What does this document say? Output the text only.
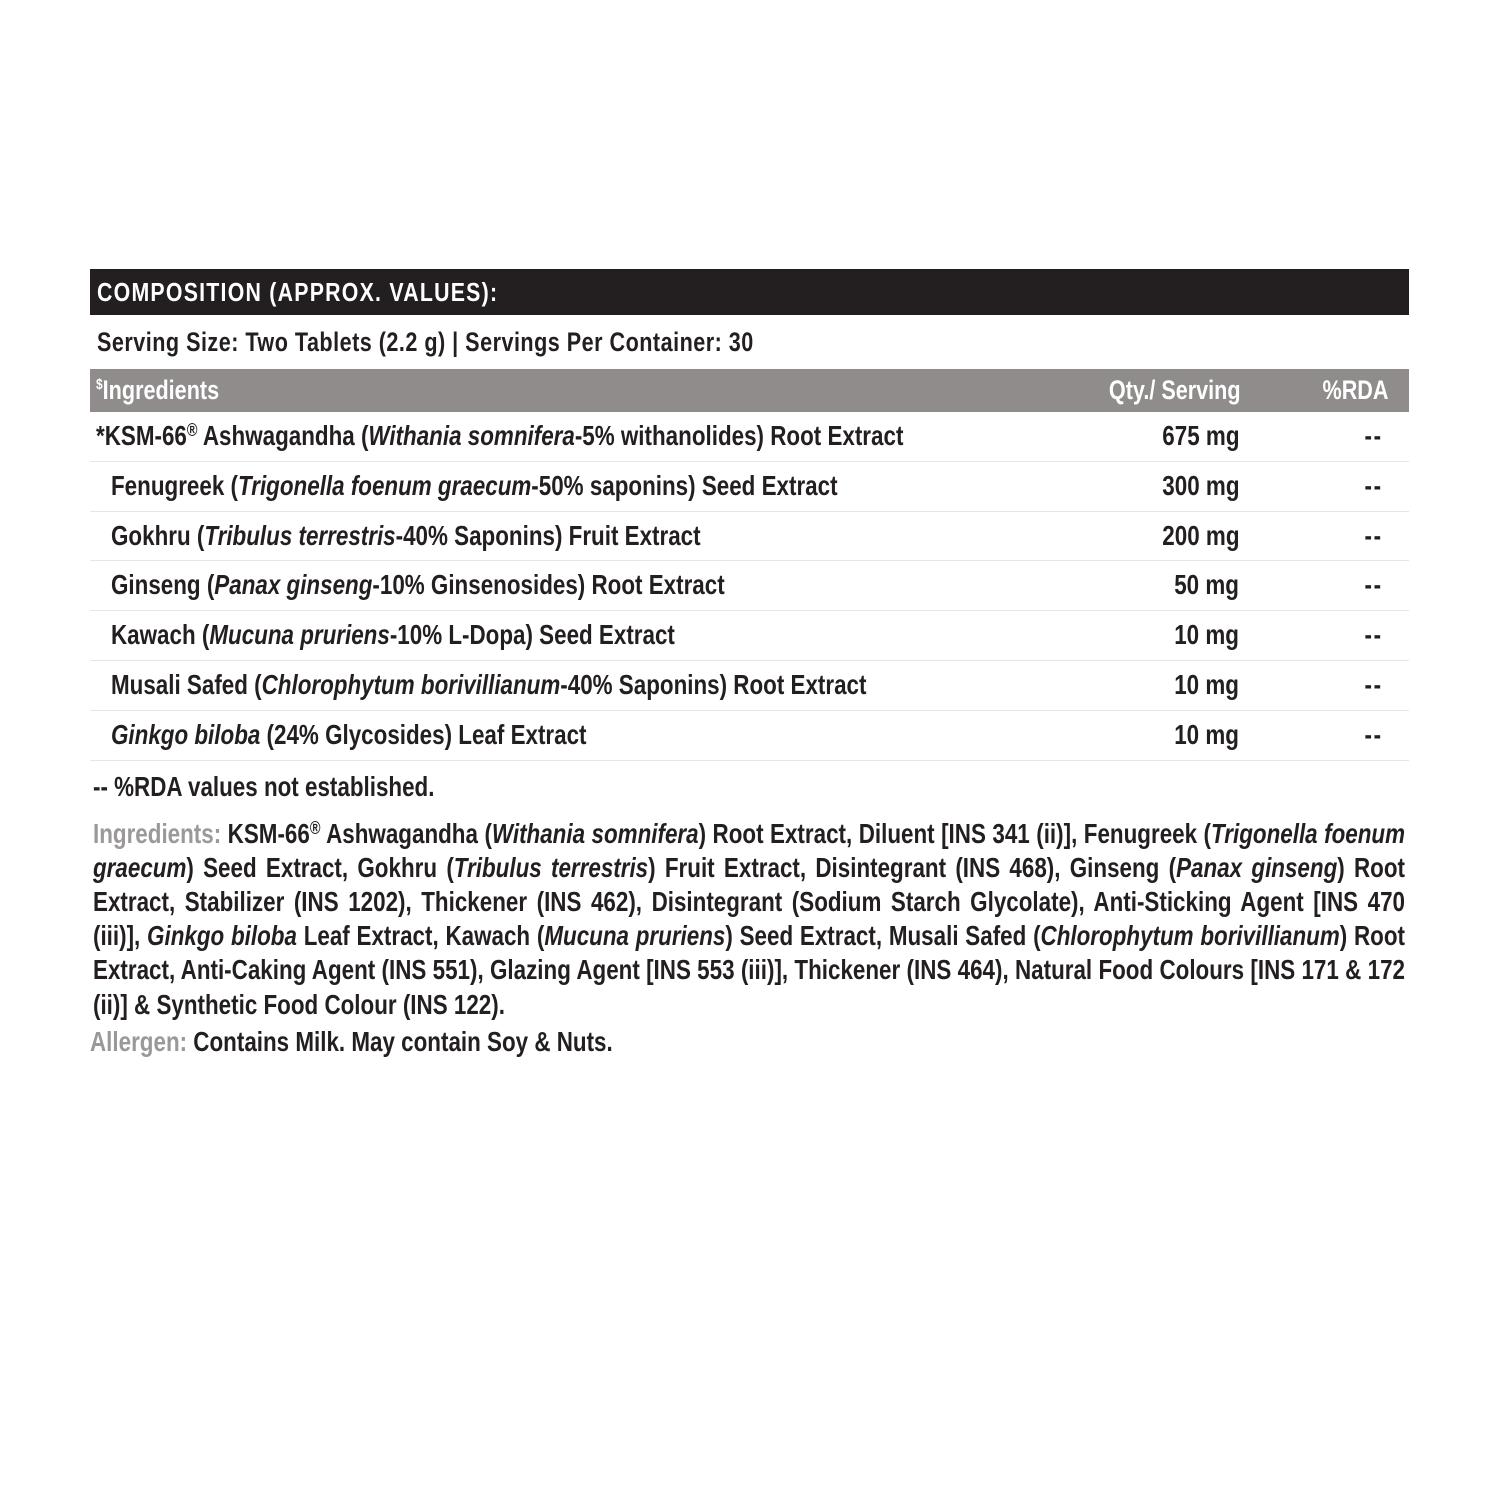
COMPOSITION (APPROX. VALUES):
Serving Size: Two Tablets (2.2 g) | Servings Per Container: 30
$Ingredients	Qty./ Serving	%RDA
*KSM-66® Ashwagandha (Withania somnifera-5% withanolides) Root Extract	675 mg	--
Fenugreek (Trigonella foenum graecum-50% saponins) Seed Extract	300 mg	--
Gokhru (Tribulus terrestris-40% Saponins) Fruit Extract	200 mg	--
Ginseng (Panax ginseng-10% Ginsenosides) Root Extract	50 mg	--
Kawach (Mucuna pruriens-10% L-Dopa) Seed Extract	10 mg	--
Musali Safed (Chlorophytum borivillianum-40% Saponins) Root Extract	10 mg	--
Ginkgo biloba (24% Glycosides) Leaf Extract	10 mg	--
-- %RDA values not established.
Ingredients: KSM-66® Ashwagandha (Withania somnifera) Root Extract, Diluent [INS 341 (ii)], Fenugreek (Trigonella foenum graecum) Seed Extract, Gokhru (Tribulus terrestris) Fruit Extract, Disintegrant (INS 468), Ginseng (Panax ginseng) Root Extract, Stabilizer (INS 1202), Thickener (INS 462), Disintegrant (Sodium Starch Glycolate), Anti-Sticking Agent [INS 470 (iii)], Ginkgo biloba Leaf Extract, Kawach (Mucuna pruriens) Seed Extract, Musali Safed (Chlorophytum borivillianum) Root Extract, Anti-Caking Agent (INS 551), Glazing Agent [INS 553 (iii)], Thickener (INS 464), Natural Food Colours [INS 171 & 172 (ii)] & Synthetic Food Colour (INS 122).
Allergen: Contains Milk. May contain Soy & Nuts.
